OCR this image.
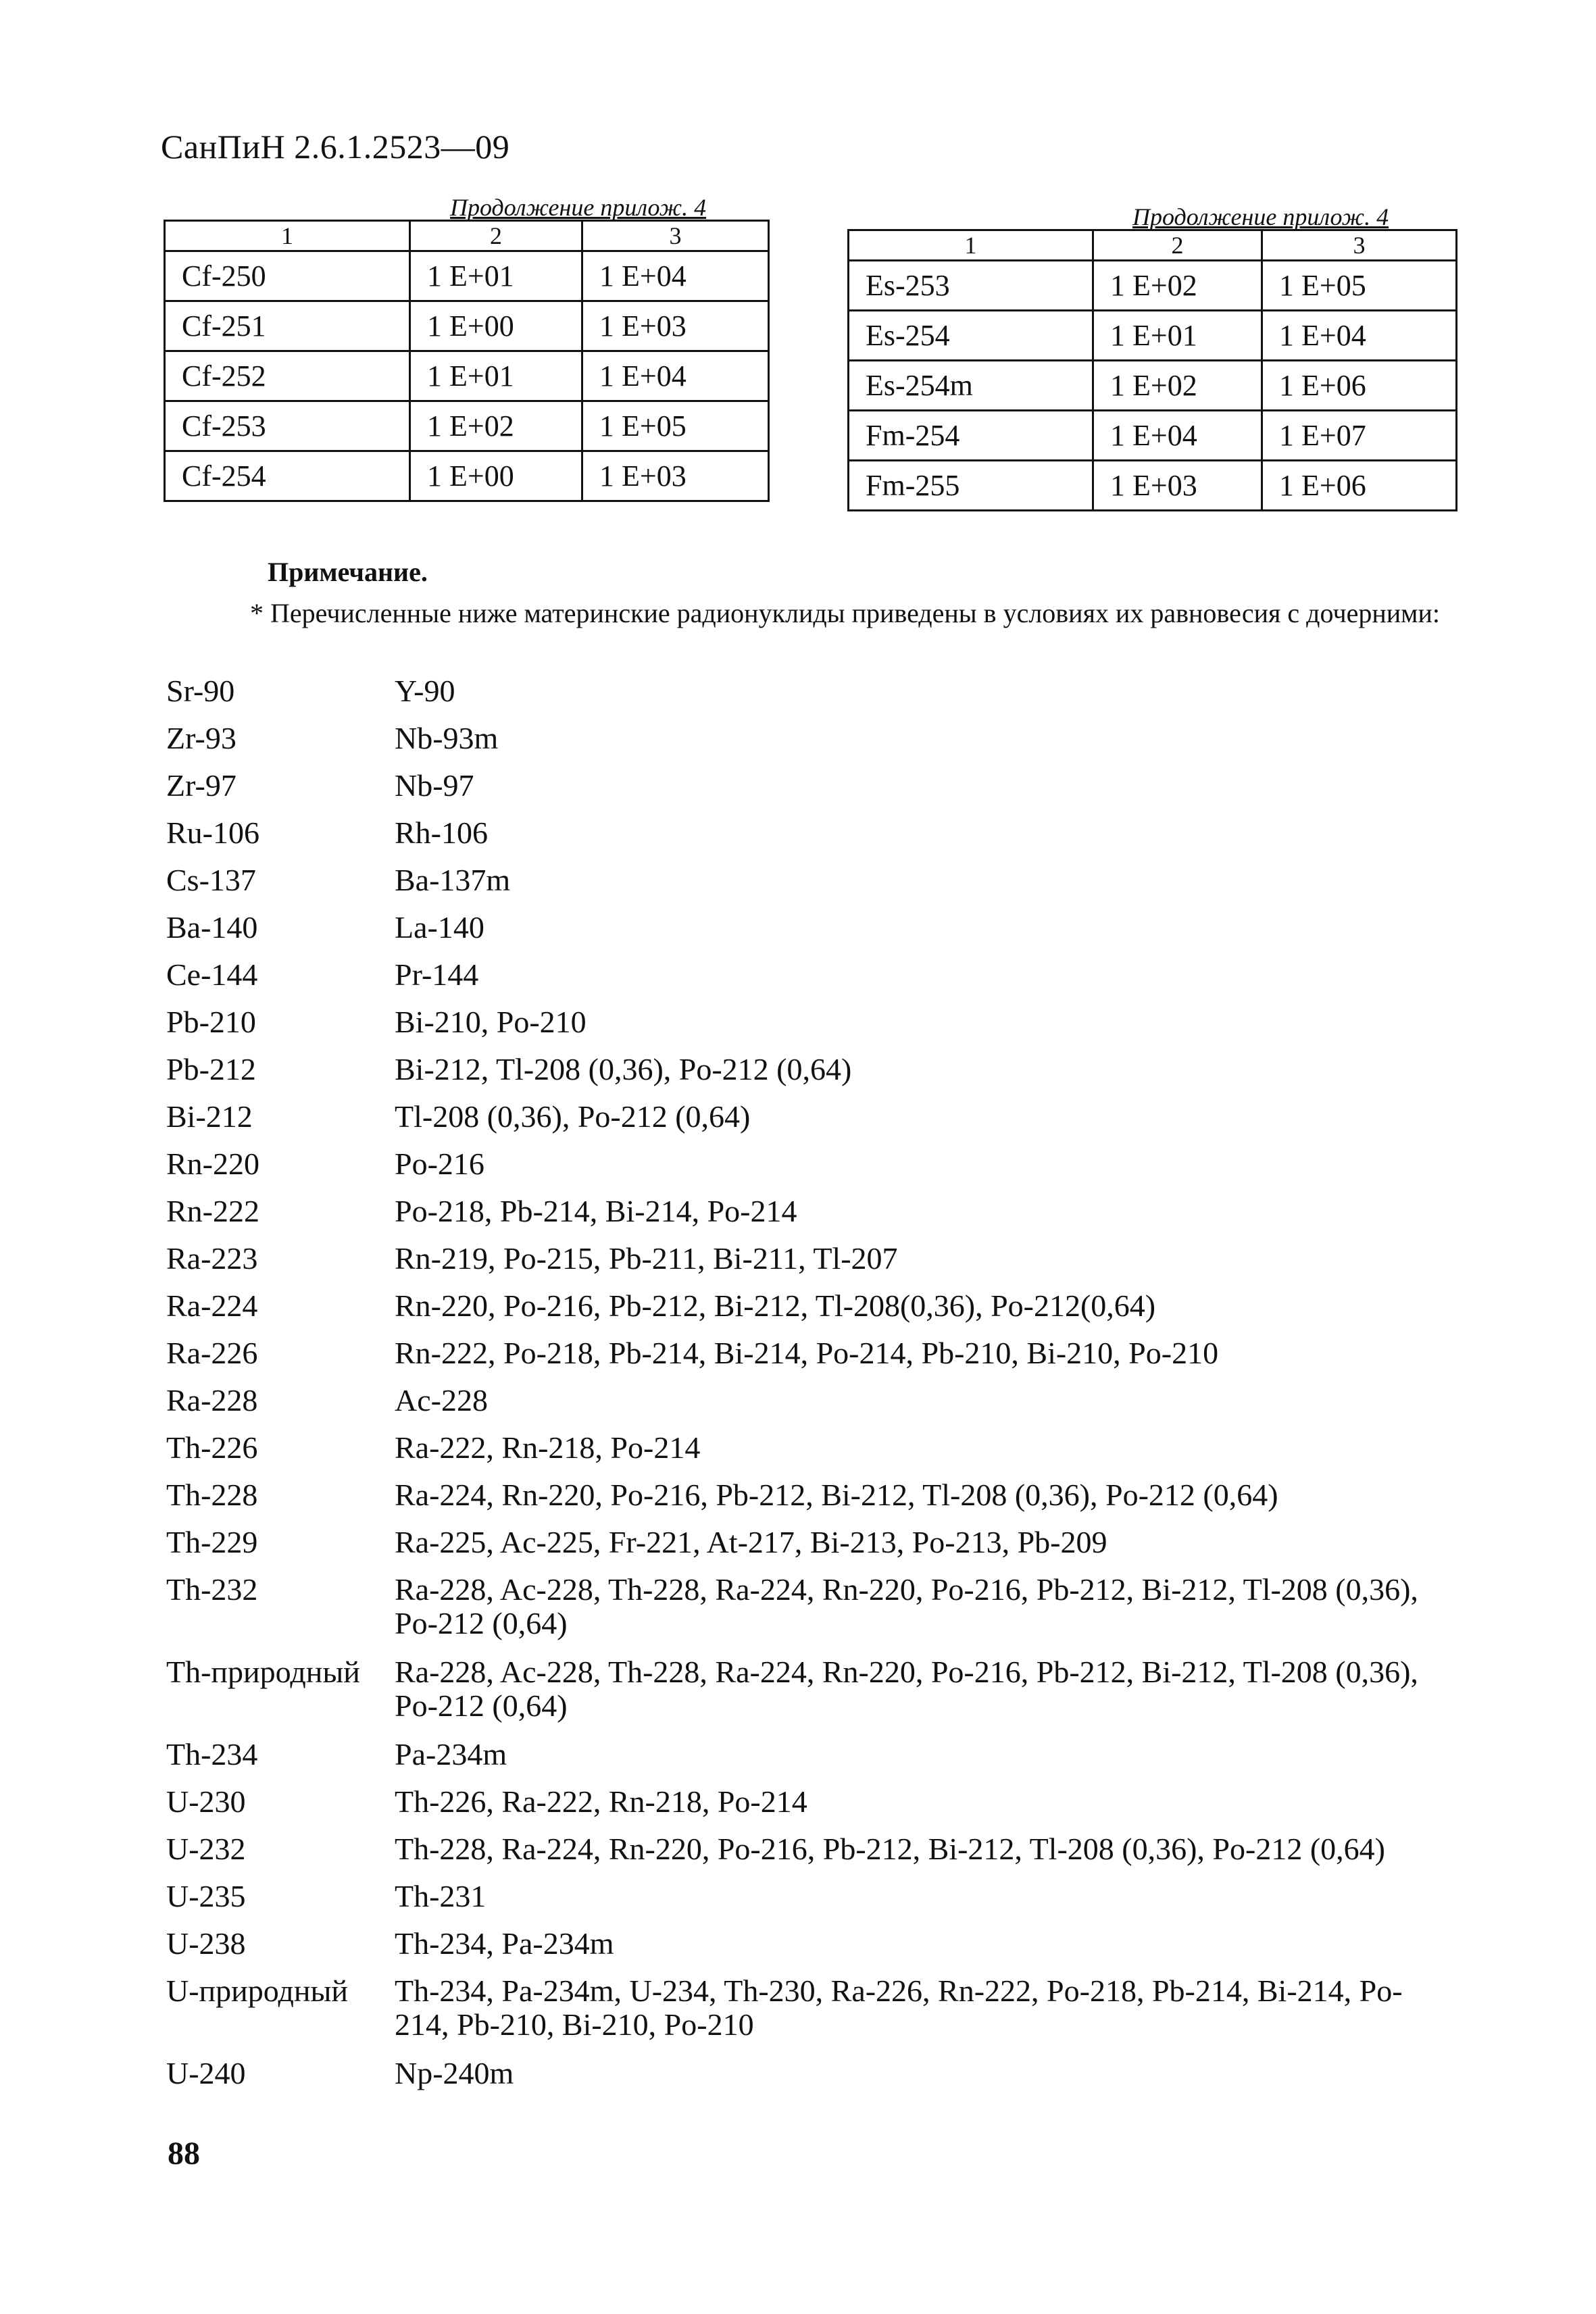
СанПиН 2.6.1.2523—09
Продолжение прилож. 4
1	2	3
Cf-250	1 E+01	1 E+04
Cf-251	1 E+00	1 E+03
Cf-252	1 E+01	1 E+04
Cf-253	1 E+02	1 E+05
Cf-254	1 E+00	1 E+03
Продолжение прилож. 4
1	2	3
Es-253	1 E+02	1 E+05
Es-254	1 E+01	1 E+04
Es-254m	1 E+02	1 E+06
Fm-254	1 E+04	1 E+07
Fm-255	1 E+03	1 E+06
Примечание.
* Перечисленные ниже материнские радионуклиды приведены в условиях их равновесия с дочерними:
Sr-90	Y-90
Zr-93	Nb-93m
Zr-97	Nb-97
Ru-106	Rh-106
Cs-137	Ba-137m
Ba-140	La-140
Ce-144	Pr-144
Pb-210	Bi-210, Po-210
Pb-212	Bi-212, Tl-208 (0,36), Po-212 (0,64)
Bi-212	Tl-208 (0,36), Po-212 (0,64)
Rn-220	Po-216
Rn-222	Po-218, Pb-214, Bi-214, Po-214
Ra-223	Rn-219, Po-215, Pb-211, Bi-211, Tl-207
Ra-224	Rn-220, Po-216, Pb-212, Bi-212, Tl-208(0,36), Po-212(0,64)
Ra-226	Rn-222, Po-218, Pb-214, Bi-214, Po-214, Pb-210, Bi-210, Po-210
Ra-228	Ac-228
Th-226	Ra-222, Rn-218, Po-214
Th-228	Ra-224, Rn-220, Po-216, Pb-212, Bi-212, Tl-208 (0,36), Po-212 (0,64)
Th-229	Ra-225, Ac-225, Fr-221, At-217, Bi-213, Po-213, Pb-209
Th-232	Ra-228, Ac-228, Th-228, Ra-224, Rn-220, Po-216, Pb-212, Bi-212, Tl-208 (0,36), Po-212 (0,64)
Th-природный	Ra-228, Ac-228, Th-228, Ra-224, Rn-220, Po-216, Pb-212, Bi-212, Tl-208 (0,36), Po-212 (0,64)
Th-234	Pa-234m
U-230	Th-226, Ra-222, Rn-218, Po-214
U-232	Th-228, Ra-224, Rn-220, Po-216, Pb-212, Bi-212, Tl-208 (0,36), Po-212 (0,64)
U-235	Th-231
U-238	Th-234, Pa-234m
U-природный	Th-234, Pa-234m, U-234, Th-230, Ra-226, Rn-222, Po-218, Pb-214, Bi-214, Po-214, Pb-210, Bi-210, Po-210
U-240	Np-240m
88
